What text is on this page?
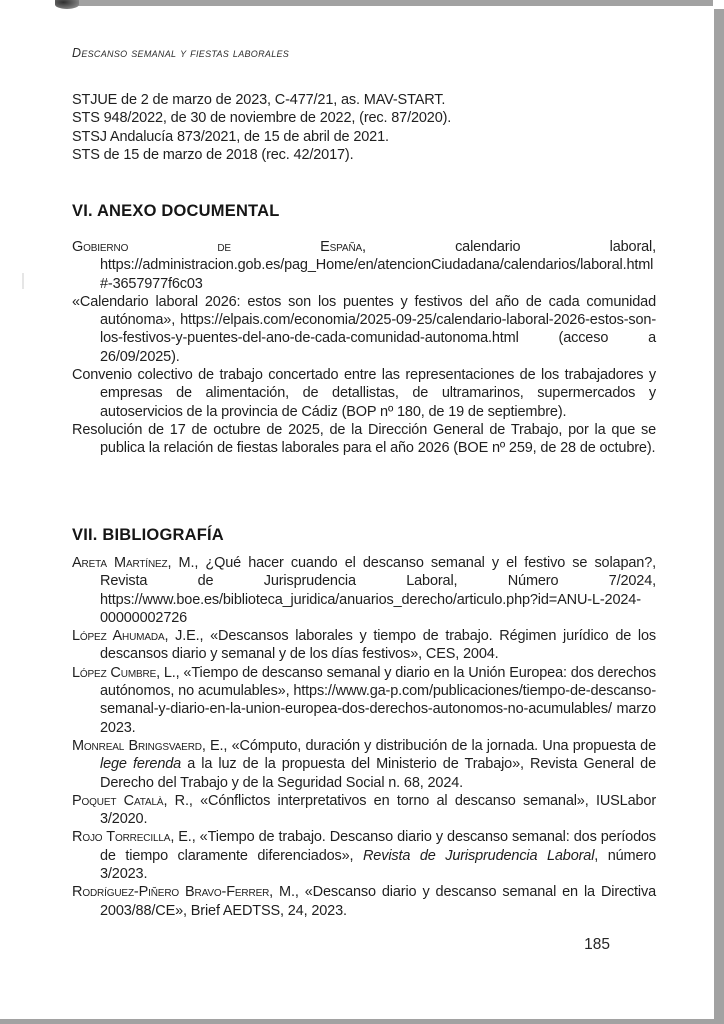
Descanso semanal y fiestas laborales
STJUE de 2 de marzo de 2023, C-477/21, as. MAV-START.
STS 948/2022, de 30 de noviembre de 2022, (rec. 87/2020).
STSJ Andalucía 873/2021, de 15 de abril de 2021.
STS de 15 de marzo de 2018 (rec. 42/2017).
VI. ANEXO DOCUMENTAL

Gobierno de España, calendario laboral, https://administracion.gob.es/pag_Home/en/atencionCiudadana/calendarios/laboral.html#-3657977f6c03

«Calendario laboral 2026: estos son los puentes y festivos del año de cada comunidad autónoma», https://elpais.com/economia/2025-09-25/calendario-laboral-2026-estos-son-los-festivos-y-puentes-del-ano-de-cada-comunidad-autonoma.html (acceso a 26/09/2025).

Convenio colectivo de trabajo concertado entre las representaciones de los trabajadores y empresas de alimentación, de detallistas, de ultramarinos, supermercados y autoservicios de la provincia de Cádiz (BOP nº 180, de 19 de septiembre).

Resolución de 17 de octubre de 2025, de la Dirección General de Trabajo, por la que se publica la relación de fiestas laborales para el año 2026 (BOE nº 259, de 28 de octubre).

VII. BIBLIOGRAFÍA

Areta Martínez, M., ¿Qué hacer cuando el descanso semanal y el festivo se solapan?, Revista de Jurisprudencia Laboral, Número 7/2024, https://www.boe.es/biblioteca_juridica/anuarios_derecho/articulo.php?id=ANU-L-2024-00000002726

López Ahumada, J.E., «Descansos laborales y tiempo de trabajo. Régimen jurídico de los descansos diario y semanal y de los días festivos», CES, 2004.

López Cumbre, L., «Tiempo de descanso semanal y diario en la Unión Europea: dos derechos autónomos, no acumulables», https://www.ga-p.com/publicaciones/tiempo-de-descanso-semanal-y-diario-en-la-union-europea-dos-derechos-autonomos-no-acumulables/ marzo 2023.

Monreal Bringsvaerd, E., «Cómputo, duración y distribución de la jornada. Una propuesta de lege ferenda a la luz de la propuesta del Ministerio de Trabajo», Revista General de Derecho del Trabajo y de la Seguridad Social n. 68, 2024.

Poquet Català, R., «Cónflictos interpretativos en torno al descanso semanal», IUSLabor 3/2020.

Rojo Torrecilla, E., «Tiempo de trabajo. Descanso diario y descanso semanal: dos períodos de tiempo claramente diferenciados», Revista de Jurisprudencia Laboral, número 3/2023.

Rodríguez-Piñero Bravo-Ferrer, M., «Descanso diario y descanso semanal en la Directiva 2003/88/CE», Brief AEDTSS, 24, 2023.

185
